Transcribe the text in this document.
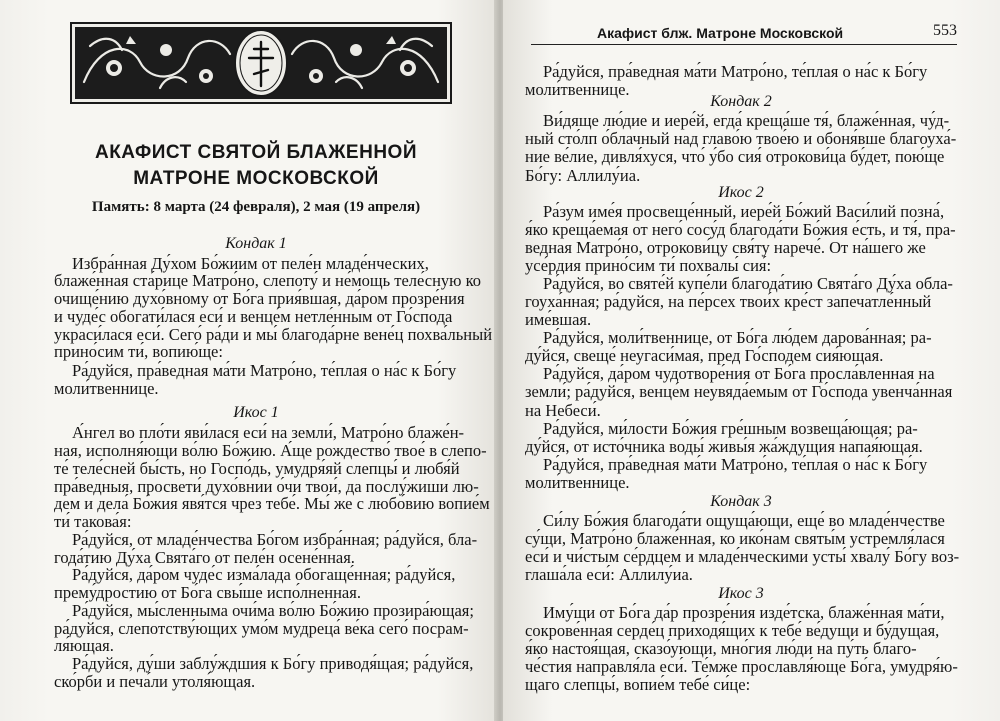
АКАФИСТ СВЯТОЙ БЛАЖЕННОЙ
МАТРОНЕ МОСКОВСКОЙ
Память: 8 марта (24 февраля), 2 мая (19 апреля)
Кондак 1
Избра́нная Ду́хом Бо́жиим от пеле́н младе́нческих,
блаже́нная ста́рице Матро́но, слепоту́ и не́мощь теле́сную ко
очище́нию духо́вному от Бо́га прия́вшая, да́ром прозре́ния
и чуде́с обогати́лася еси́ и венце́м нетле́нным от Го́спода
украси́лася еси́. Сего́ ра́ди и мы́ благода́рне вене́ц похва́льный
прино́сим ти́, вопию́ще:
Ра́дуйся, пра́ведная ма́ти Матро́но, те́плая о на́с к Бо́гу
моли́твеннице.
Икос 1
А́нгел во пло́ти яви́лася еси́ на земли́, Матро́но блаже́н-
ная, исполня́ющи во́лю Бо́жию. А́ще рождество́ твое́ в слепо-
те́ теле́сней бы́сть, но Госпо́дь, умудря́яй слепцы́ и любя́й
пра́ведныя, просвети́ духо́внии о́чи твои́, да послу́жиши лю-
дем и дела́ Бо́жия явя́тся чрез тебе́. Мы́ же с любо́вию вопие́м
ти́ такова́я:
Ра́дуйся, от младе́нчества Бо́гом избра́нная; ра́дуйся, бла-
года́тию Ду́ха Свята́го от пеле́н осене́нная.
Ра́дуйся, да́ром чуде́с изма́лада обогаще́нная; ра́дуйся,
прему́дростию от Бо́га свы́ше испо́лненная.
Ра́дуйся, мы́сленныма очи́ма во́лю Бо́жию прозира́ющая;
ра́дуйся, слепотству́ющих умо́м мудреца́ ве́ка сего́ посрам-
ля́ющая.
Ра́дуйся, ду́ши заблу́ждшия к Бо́гу приводя́щая; ра́дуйся,
ско́рби и печа́ли утоля́ющая.
Акафист блж. Матроне Московской	553
Ра́дуйся, пра́ведная ма́ти Матро́но, те́плая о на́с к Бо́гу
моли́твеннице.
Кондак 2
Ви́дяще лю́дие и иере́й, егда́ креща́ше тя́, блаже́нная, чу́д-
ный сто́лп о́блачный над главо́ю твое́ю и обоня́вше благоуха́-
ние ве́лие, дивля́хуся, что́ у́бо сия́ отрокови́ца бу́дет, пою́ще
Бо́гу: Аллилу́иа.
Икос 2
Ра́зум име́я просвеще́нный, иере́й Бо́жий Васи́лий позна́,
я́ко креща́емая от него́ сосу́д благода́ти Бо́жия е́сть, и тя́, пра-
ведная Матро́но, отрокови́цу свя́ту нарече́. От на́шего же
усе́рдия прино́сим ти́ похвалы́ сия́:
Ра́дуйся, во святе́й купе́ли благода́тию Свята́го Ду́ха обла-
гоуха́нная; ра́дуйся, на пе́рсех твои́х кре́ст запечатле́нный
име́вшая.
Ра́дуйся, моли́твеннице, от Бо́га лю́дем дарова́нная; ра-
ду́йся, свеще́ неугаси́мая, пред Го́сподем сия́ющая.
Ра́дуйся, да́ром чудотворе́ния от Бо́га просла́вленная на
земли́; ра́дуйся, венце́м неувяда́емым от Го́спода увенча́нная
на Небеси́.
Ра́дуйся, ми́лости Бо́жия гре́шным возвеща́ющая; ра-
ду́йся, от исто́чника воды́ живы́я жа́ждущия напая́ющая.
Ра́дуйся, пра́ведная ма́ти Матро́но, те́плая о на́с к Бо́гу
моли́твеннице.
Кондак 3
Си́лу Бо́жия благода́ти ощуща́ющи, еще́ во младе́нчестве
су́щи, Матро́но блаже́нная, ко ико́нам святы́м устремля́лася
еси́ и чи́стым се́рдцем и младе́нческими усты́ хвалу́ Бо́гу воз-
глаша́ла еси́: Аллилу́иа.
Икос 3
Иму́щи от Бо́га да́р прозре́ния изде́тска, блаже́нная ма́ти,
сокрове́нная серде́ц приходя́щих к тебе́ ве́дущи и бу́дущая,
я́ко настоя́щая, сказо́ующи, мно́гия лю́ди на пу́ть благо-
че́стия направля́ла еси́. Те́мже прославля́юще Бо́га, умудря́ю-
щаго слепцы́, вопие́м тебе́ си́це:
